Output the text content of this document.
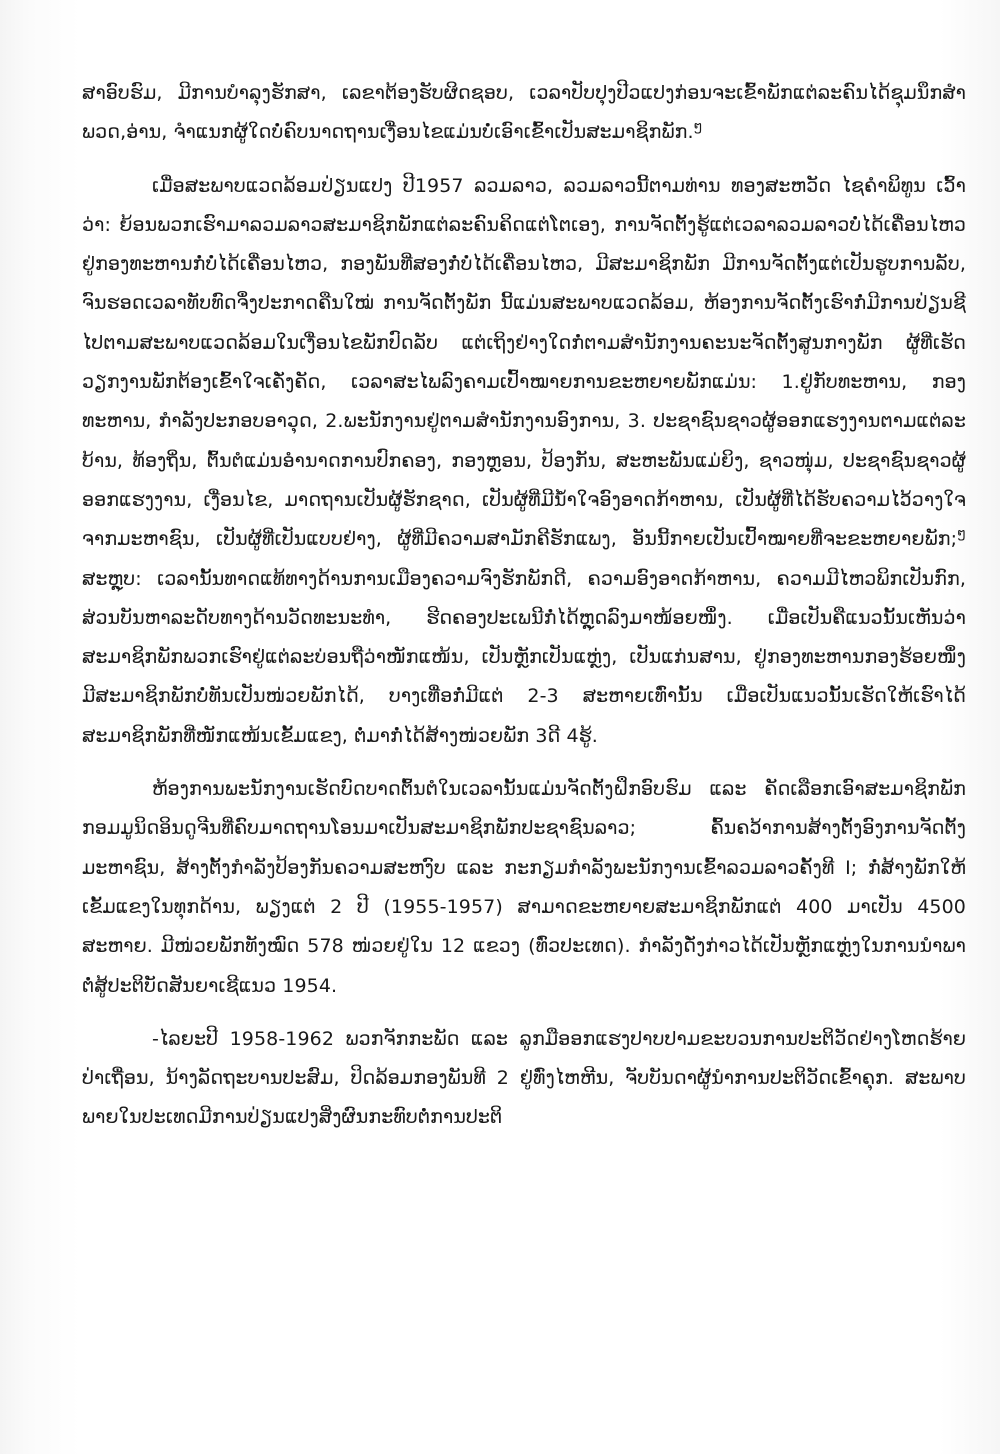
ສາອົບຮົມ, ມີການບຳລຸງຮັກສາ, ເລຂາຕ້ອງຮັບຜິດຊອບ, ເວລາປັບປຸງປີວແປງກ່ອນຈະເຂົ້າພັກແຕ່ລະຄົນໄດ້ຊຸມນຶກສຳພວດ,ອ່ານ, ຈຳແນກຜູ້ໃດບໍ່ຄົບນາດຖານເງື່ອນໄຂແມ່ນບໍ່ເອົາເຂົ້າເປັນສະມາຊິກພັກ.$^ໆ$

ເມື່ອສະພາບແວດລ້ອມປ່ຽນແປງ ປີ1957 ລວມລາວ, ລວມລາວນີ້ຕາມທ່ານ ທອງສະຫວັດ ໄຊຄຳພິທູນ ເວົ້າວ່າ: ຍ້ອນພວກເຮົາມາລວມລາວສະມາຊິກພັກແຕ່ລະຄົນຄິດແຕ່ໂຕເອງ, ການຈັດຕັ້ງຮູ້ແຕ່ເວລາລວມລາວບໍ່ໄດ້ເຄື່ອນໄຫວ ຢູ່ກອງທະຫານກໍ່ບໍ່ໄດ້ເຄື່ອນໄຫວ, ກອງພັນທີ່ສອງກໍ່ບໍ່ໄດ້ເຄື່ອນໄຫວ, ມີສະມາຊິກພັກ ມີການຈັດຕັ້ງແຕ່ເປັນຮູບການລັບ, ຈົນຮອດເວລາທັບທົດຈຶ່ງປະກາດຄືນໃໝ່ ການຈັດຕັ້ງພັກ ນີ້ແມ່ນສະພາບແວດລ້ອມ, ຫ້ອງການຈັດຕັ້ງເຮົາກໍ່ມີການປ່ຽນຊີໄປຕາມສະພາບແວດລ້ອມໃນເງື່ອນໄຂພັກປົດລັບ ແຕ່ເຖິງຢ່າງໃດກໍ່ຕາມສຳນັກງານຄະນະຈັດຕັ້ງສູນກາງພັກ ຜູ້ທີ່ເຮັດວຽກງານພັກຕ້ອງເຂົ້າໃຈເຄັ່ງຄັດ, ເວລາສະໄພລົງຄາມເປົ້າໝາຍການຂະຫຍາຍພັກແມ່ນ: 1.ຢູ່ກັບທະຫານ, ກອງທະຫານ, ກຳລັງປະກອບອາວຸດ, 2.ພະນັກງານຢູ່ຕາມສຳນັກງານອົງການ, 3. ປະຊາຊົນຊາວຜູ້ອອກແຮງງານຕາມແຕ່ລະບ້ານ, ທ້ອງຖິ່ນ, ຕົ້ນຕໍແມ່ນອຳນາດການປົກຄອງ, ກອງຫຼອນ, ປ້ອງກັນ, ສະຫະພັນແມ່ຍິງ, ຊາວໜຸ່ມ, ປະຊາຊົນຊາວຜູ້ອອກແຮງງານ, ເງື່ອນໄຂ, ມາດຖານເປັນຜູ້ຮັກຊາດ, ເປັນຜູ້ທີ່ມີນ້ຳໃຈອົງອາດກ້າຫານ, ເປັນຜູ້ທີ່ໄດ້ຮັບຄວາມໄວ້ວາງໃຈຈາກມະຫາຊົນ, ເປັນຜູ້ທີ່ເປັນແບບຢ່າງ, ຜູ້ທີ່ມີຄວາມສາມັກຄີຮັກແພງ, ອັນນີ້ກາຍເປັນເປົ້າໝາຍທີ່ຈະຂະຫຍາຍພັກ;$^ໆ$ ສະຫຼຸບ: ເວລານັ້ນທາດແທ້ທາງດ້ານການເມືອງຄວາມຈົງຮັກພັກດີ, ຄວາມອົງອາດກ້າຫານ, ຄວາມມີໄຫວພິກເປັນກົກ, ສ່ວນບັນຫາລະດັບທາງດ້ານວັດທະນະທຳ, ຮີດຄອງປະເພນີກໍ່ໄດ້ຫຼຸດລົງມາໜ້ອຍໜຶ່ງ. ເມື່ອເປັນຄືແນວນັ້ນເຫັນວ່າສະມາຊິກພັກພວກເຮົາຢູ່ແຕ່ລະບ່ອນຖືວ່າໜັກແໜ້ນ, ເປັນຫຼັກເປັນແຫຼ່ງ, ເປັນແກ່ນສານ, ຢູ່ກອງທະຫານກອງຮ້ອຍໜຶ່ງ ມີສະມາຊິກພັກບໍ່ທັນເປັນໜ່ວຍພັກໄດ້, ບາງເທື່ອກໍ່ມີແຕ່ 2-3 ສະຫາຍເທົ່ານັ້ນ ເມື່ອເປັນແນວນັ້ນເຮັດໃຫ້ເຮົາໄດ້ສະມາຊິກພັກທີ່ໜັກແໜ້ນເຂັ້ມແຂງ, ຕໍ່ມາກໍ່ໄດ້ສ້າງໜ່ວຍພັກ 3ດີ 4ຮູ້.

ຫ້ອງການພະນັກງານເຮັດບົດບາດຕົ້ນຕໍໃນເວລານັ້ນແມ່ນຈັດຕັ້ງຝຶກອົບຮົມ ແລະ ຄັດເລືອກເອົາສະມາຊິກພັກກອມມູນິດອິນດູຈີນທີ່ຄົບມາດຖານໂອນມາເປັນສະມາຊິກພັກປະຊາຊົນລາວ; ຄົ້ນຄວ້າການສ້າງຕັ້ງອົງການຈັດຕັ້ງມະຫາຊົນ, ສ້າງຕັ້ງກຳລັງປ້ອງກັນຄວາມສະຫງົບ ແລະ ກະກຽມກຳລັງພະນັກງານເຂົ້າລວມລາວຄັ້ງທີ I; ກໍ່ສ້າງພັກໃຫ້ເຂັ້ມແຂງໃນທຸກດ້ານ, ພຽງແຕ່ 2 ປີ (1955-1957) ສາມາດຂະຫຍາຍສະມາຊິກພັກແຕ່ 400 ມາເປັນ 4500 ສະຫາຍ. ມີໜ່ວຍພັກທັງໝົດ 578 ໜ່ວຍຢູ່ໃນ 12 ແຂວງ (ທົ່ວປະເທດ). ກຳລັງດັ່ງກ່າວໄດ້ເປັນຫຼັກແຫຼ່ງໃນການນຳພາຕໍ່ສູ້ປະຕິບັດສັນຍາເຊີແນວ 1954.

-ໄລຍະປີ 1958-1962 ພວກຈັກກະພັດ ແລະ ລູກມືອອກແຮງປາບປາມຂະບວນການປະຕິວັດຢ່າງໂຫດຮ້າຍປ່າເຖື່ອນ, ນ້າງລັດຖະບານປະສົມ, ປິດລ້ອມກອງພັນທີ 2 ຢູ່ທົ່ງໄຫຫີນ, ຈັບບັນດາຜູ້ນຳການປະຕິວັດເຂົ້າຄຸກ. ສະພາບພາຍໃນປະເທດມີການປ່ຽນແປງສິ່ງຜົນກະທົບຕໍ່ການປະຕິ
